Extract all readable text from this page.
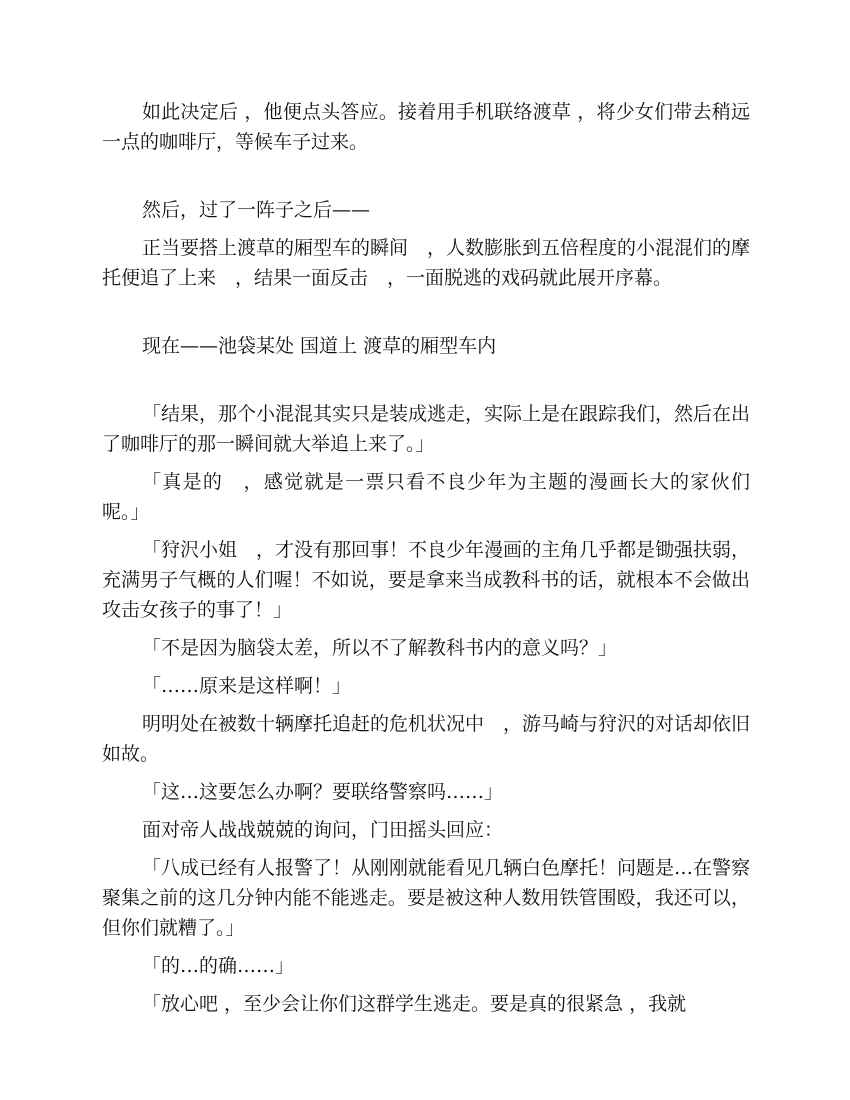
如此决定后 ，他便点头答应。接着用手机联络渡草 ，将少女们带去稍远一点的咖啡厅，等候车子过来。

然后，过了一阵子之后——

正当要搭上渡草的厢型车的瞬间　，人数膨胀到五倍程度的小混混们的摩托便追了上来　，结果一面反击　，一面脱逃的戏码就此展开序幕。

现在——池袋某处 国道上 渡草的厢型车内

「结果，那个小混混其实只是装成逃走，实际上是在跟踪我们，然后在出了咖啡厅的那一瞬间就大举追上来了。」

「真是的　，感觉就是一票只看不良少年为主题的漫画长大的家伙们呢。」

「狩沢小姐　，才没有那回事！不良少年漫画的主角几乎都是锄强扶弱，充满男子气概的人们喔！不如说，要是拿来当成教科书的话，就根本不会做出攻击女孩子的事了！」

「不是因为脑袋太差，所以不了解教科书内的意义吗？」

「……原来是这样啊！」

明明处在被数十辆摩托追赶的危机状况中　，游马崎与狩沢的对话却依旧如故。

「这…这要怎么办啊？要联络警察吗……」

面对帝人战战兢兢的询问，门田摇头回应：

「八成已经有人报警了！从刚刚就能看见几辆白色摩托！问题是…在警察聚集之前的这几分钟内能不能逃走。要是被这种人数用铁管围殴，我还可以，但你们就糟了。」

「的…的确……」

「放心吧 ，至少会让你们这群学生逃走。要是真的很紧急 ，我就
